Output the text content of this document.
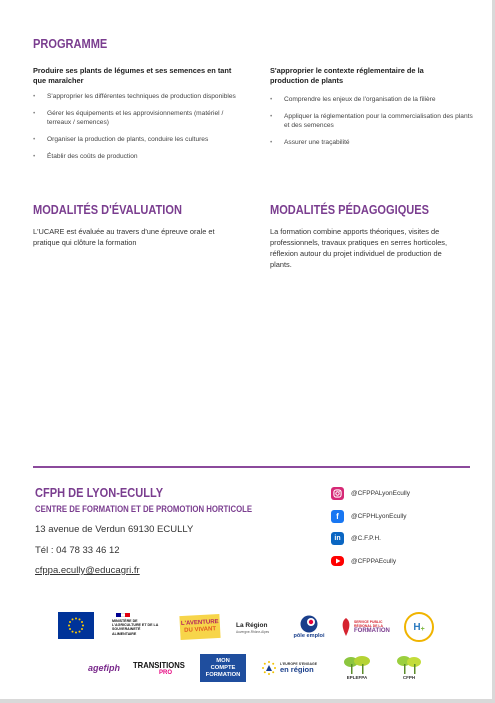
PROGRAMME
Produire ses plants de légumes et ses semences en tant que maraîcher
• S'approprier les différentes techniques de production disponibles
• Gérer les équipements et les approvisionnements (matériel / terreaux / semences)
• Organiser la production de plants, conduire les cultures
• Établir des coûts de production
S'approprier le contexte réglementaire de la production de plants
• Comprendre les enjeux de l'organisation de la filière
• Appliquer la réglementation pour la commercialisation des plants et des semences
• Assurer une traçabilité
MODALITÉS D'ÉVALUATION
L'UCARE est évaluée au travers d'une épreuve orale et pratique qui clôture la formation
MODALITÉS PÉDAGOGIQUES
La formation combine apports théoriques, visites de professionnels, travaux pratiques en serres horticoles, réflexion autour du projet individuel de production de plants.
CFPH DE LYON-ECULLY
CENTRE DE FORMATION ET DE PROMOTION HORTICOLE
13 avenue de Verdun 69130 ECULLY
Tél : 04 78 33 46 12
cfppa.ecully@educagri.fr
@CFPPALyonEcully
f	@CFPHLyonEcully
in	@C.F.P.H.
@CFPPAEcully
MINISTÈRE DE L'AGRICULTURE ET DE LA SOUVERAINETÉ ALIMENTAIRE
L'AVENTURE
DU VIVANT
La Région
Auvergne-Rhône-Alpes
pôle emploi
SERVICE PUBLIC RÉGIONAL DE LA
FORMATION H +
agefiph TRANSITIONS
PRO
MON
COMPTE
FORMATION
L'EUROPE S'ENGAGE
en région
EPLEFPA	CFPH
